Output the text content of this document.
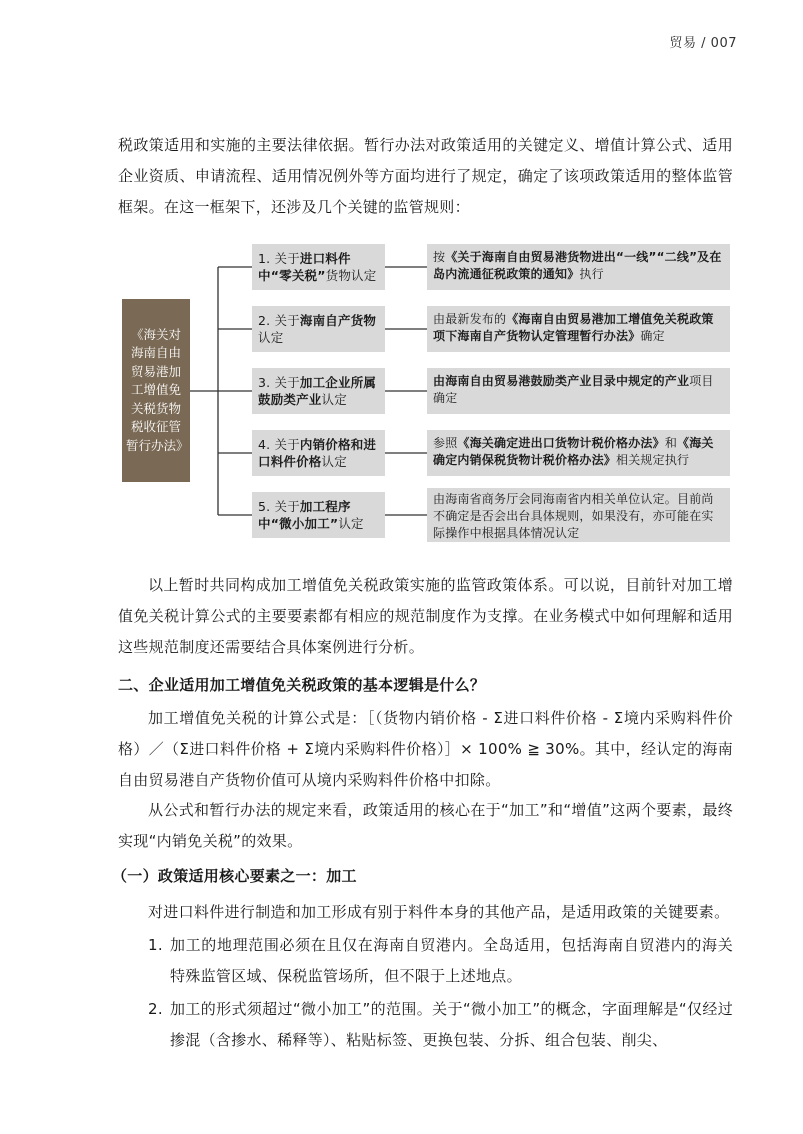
贸易 / 007

税政策适用和实施的主要法律依据。暂行办法对政策适用的关键定义、增值计算公式、适用企业资质、申请流程、适用情况例外等方面均进行了规定，确定了该项政策适用的整体监管框架。在这一框架下，还涉及几个关键的监管规则：

《海关对海南自由贸易港加工增值免关税货物税收征管暂行办法》
1. 关于进口料件中“零关税”货物认定
2. 关于海南自产货物认定
3. 关于加工企业所属鼓励类产业认定
4. 关于内销价格和进口料件价格认定
5. 关于加工程序中“微小加工”认定
按《关于海南自由贸易港货物进出“一线”“二线”及在岛内流通征税政策的通知》执行
由最新发布的《海南自由贸易港加工增值免关税政策项下海南自产货物认定管理暂行办法》确定
由海南自由贸易港鼓励类产业目录中规定的产业项目确定
参照《海关确定进出口货物计税价格办法》和《海关确定内销保税货物计税价格办法》相关规定执行
由海南省商务厅会同海南省内相关单位认定。目前尚不确定是否会出台具体规则，如果没有，亦可能在实际操作中根据具体情况认定

以上暂时共同构成加工增值免关税政策实施的监管政策体系。可以说，目前针对加工增值免关税计算公式的主要要素都有相应的规范制度作为支撑。在业务模式中如何理解和适用这些规范制度还需要结合具体案例进行分析。

二、企业适用加工增值免关税政策的基本逻辑是什么？

加工增值免关税的计算公式是：［（货物内销价格 - Σ进口料件价格 - Σ境内采购料件价格）／（Σ进口料件价格 + Σ境内采购料件价格）］× 100% ≧ 30%。其中，经认定的海南自由贸易港自产货物价值可从境内采购料件价格中扣除。

从公式和暂行办法的规定来看，政策适用的核心在于“加工”和“增值”这两个要素，最终实现“内销免关税”的效果。

（一）政策适用核心要素之一：加工

对进口料件进行制造和加工形成有别于料件本身的其他产品，是适用政策的关键要素。

1. 加工的地理范围必须在且仅在海南自贸港内。全岛适用，包括海南自贸港内的海关特殊监管区域、保税监管场所，但不限于上述地点。
2. 加工的形式须超过“微小加工”的范围。关于“微小加工”的概念，字面理解是“仅经过掺混（含掺水、稀释等）、粘贴标签、更换包装、分拆、组合包装、削尖、
